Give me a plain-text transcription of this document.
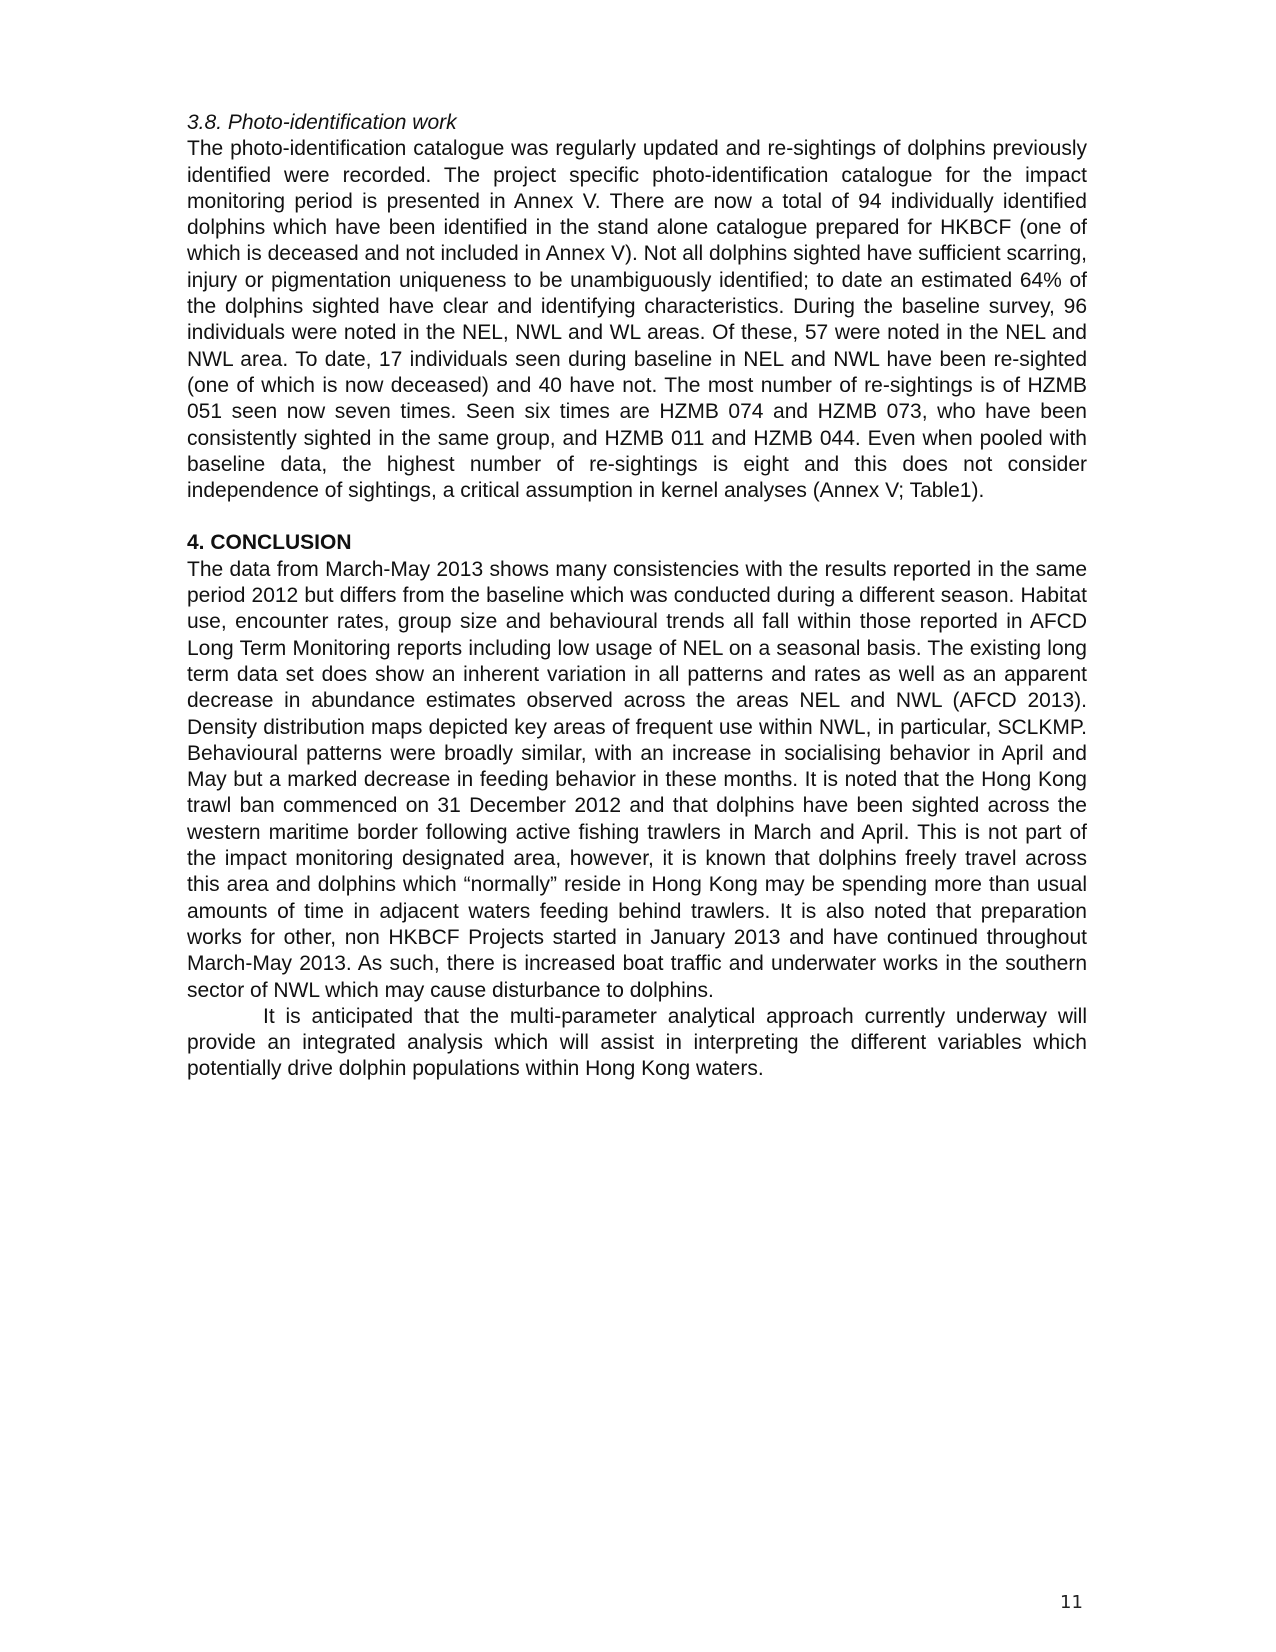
3.8. Photo-identification work

The photo-identification catalogue was regularly updated and re-sightings of dolphins previously identified were recorded. The project specific photo-identification catalogue for the impact monitoring period is presented in Annex V. There are now a total of 94 individually identified dolphins which have been identified in the stand alone catalogue prepared for HKBCF (one of which is deceased and not included in Annex V). Not all dolphins sighted have sufficient scarring, injury or pigmentation uniqueness to be unambiguously identified; to date an estimated 64% of the dolphins sighted have clear and identifying characteristics. During the baseline survey, 96 individuals were noted in the NEL, NWL and WL areas. Of these, 57 were noted in the NEL and NWL area. To date, 17 individuals seen during baseline in NEL and NWL have been re-sighted (one of which is now deceased) and 40 have not. The most number of re-sightings is of HZMB 051 seen now seven times. Seen six times are HZMB 074 and HZMB 073, who have been consistently sighted in the same group, and HZMB 011 and HZMB 044. Even when pooled with baseline data, the highest number of re-sightings is eight and this does not consider independence of sightings, a critical assumption in kernel analyses (Annex V; Table1).

4. CONCLUSION

The data from March-May 2013 shows many consistencies with the results reported in the same period 2012 but differs from the baseline which was conducted during a different season. Habitat use, encounter rates, group size and behavioural trends all fall within those reported in AFCD Long Term Monitoring reports including low usage of NEL on a seasonal basis. The existing long term data set does show an inherent variation in all patterns and rates as well as an apparent decrease in abundance estimates observed across the areas NEL and NWL (AFCD 2013). Density distribution maps depicted key areas of frequent use within NWL, in particular, SCLKMP. Behavioural patterns were broadly similar, with an increase in socialising behavior in April and May but a marked decrease in feeding behavior in these months. It is noted that the Hong Kong trawl ban commenced on 31 December 2012 and that dolphins have been sighted across the western maritime border following active fishing trawlers in March and April. This is not part of the impact monitoring designated area, however, it is known that dolphins freely travel across this area and dolphins which “normally” reside in Hong Kong may be spending more than usual amounts of time in adjacent waters feeding behind trawlers. It is also noted that preparation works for other, non HKBCF Projects started in January 2013 and have continued throughout March-May 2013. As such, there is increased boat traffic and underwater works in the southern sector of NWL which may cause disturbance to dolphins.

It is anticipated that the multi-parameter analytical approach currently underway will provide an integrated analysis which will assist in interpreting the different variables which potentially drive dolphin populations within Hong Kong waters.

11
